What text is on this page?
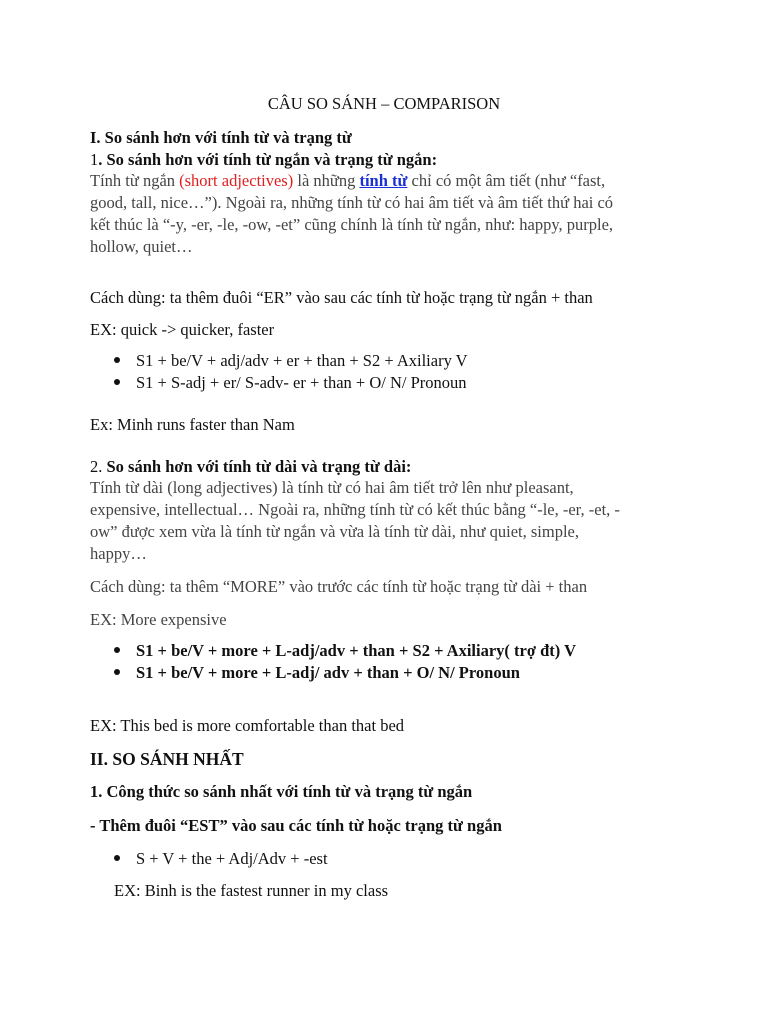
CÂU SO SÁNH – COMPARISON
I. So sánh hơn với tính từ và trạng từ
1. So sánh hơn với tính từ ngắn và trạng từ ngắn:
Tính từ ngắn (short adjectives) là những tính từ chỉ có một âm tiết (như “fast,
good, tall, nice…”). Ngoài ra, những tính từ có hai âm tiết và âm tiết thứ hai có
kết thúc là “-y, -er, -le, -ow, -et” cũng chính là tính từ ngắn, như: happy, purple,
hollow, quiet…
Cách dùng: ta thêm đuôi “ER” vào sau các tính từ hoặc trạng từ ngắn + than
EX: quick -> quicker, faster
S1 + be/V + adj/adv + er + than + S2 + Axiliary V
S1 + S-adj + er/ S-adv- er + than + O/ N/ Pronoun
Ex: Minh runs faster than Nam
2. So sánh hơn với tính từ dài và trạng từ dài:
Tính từ dài (long adjectives) là tính từ có hai âm tiết trở lên như pleasant,
expensive, intellectual… Ngoài ra, những tính từ có kết thúc bằng “-le, -er, -et, -
ow” được xem vừa là tính từ ngắn và vừa là tính từ dài, như quiet, simple,
happy…
Cách dùng: ta thêm “MORE” vào trước các tính từ hoặc trạng từ dài + than
EX: More expensive
S1 + be/V + more + L-adj/adv + than + S2 + Axiliary( trợ đt) V
S1 + be/V + more + L-adj/ adv + than + O/ N/ Pronoun
EX: This bed is more comfortable than that bed
II. SO SÁNH NHẤT
1. Công thức so sánh nhất với tính từ và trạng từ ngắn
- Thêm đuôi “EST” vào sau các tính từ hoặc trạng từ ngắn
S + V + the + Adj/Adv + -est
EX: Binh is the fastest runner in my class
